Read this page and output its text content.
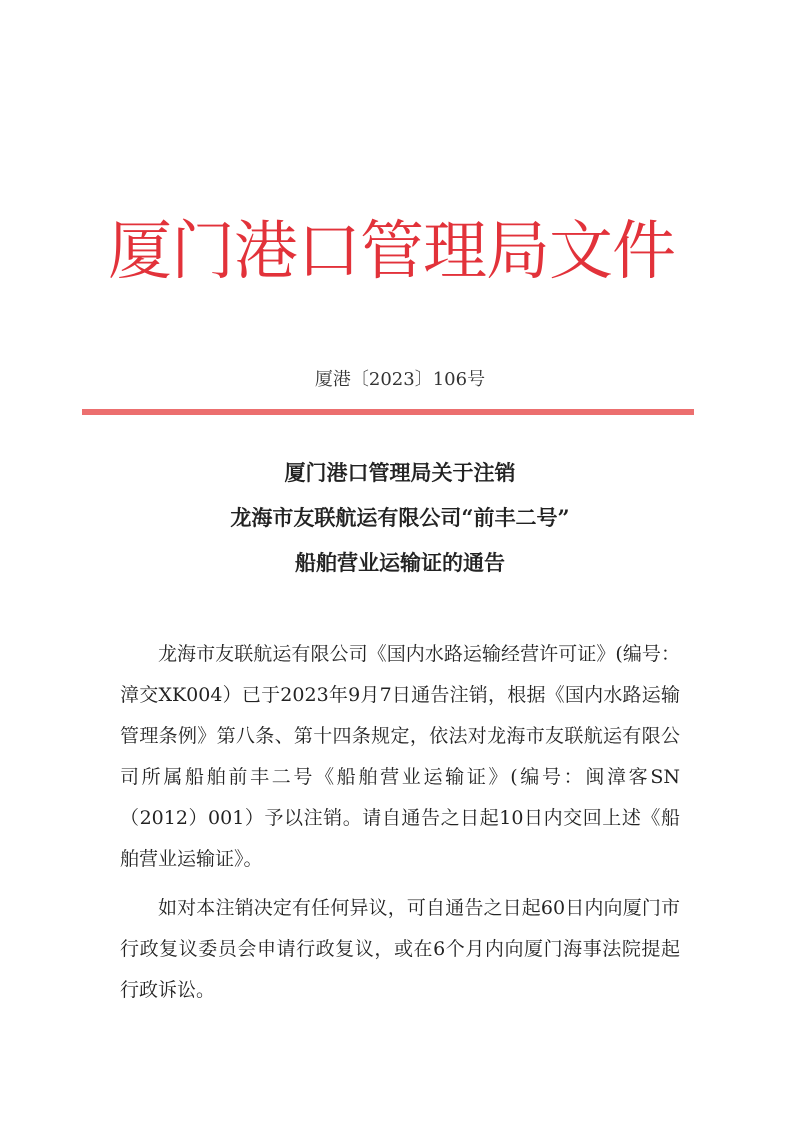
厦门港口管理局文件
厦港〔2023〕106号
厦门港口管理局关于注销
龙海市友联航运有限公司“前丰二号”
船舶营业运输证的通告

龙海市友联航运有限公司《国内水路运输经营许可证》(编号：漳交XK004）已于2023年9月7日通告注销，根据《国内水路运输管理条例》第八条、第十四条规定，依法对龙海市友联航运有限公司所属船舶前丰二号《船舶营业运输证》(编号：闽漳客SN（2012）001）予以注销。请自通告之日起10日内交回上述《船舶营业运输证》。

如对本注销决定有任何异议，可自通告之日起60日内向厦门市行政复议委员会申请行政复议，或在6个月内向厦门海事法院提起行政诉讼。
